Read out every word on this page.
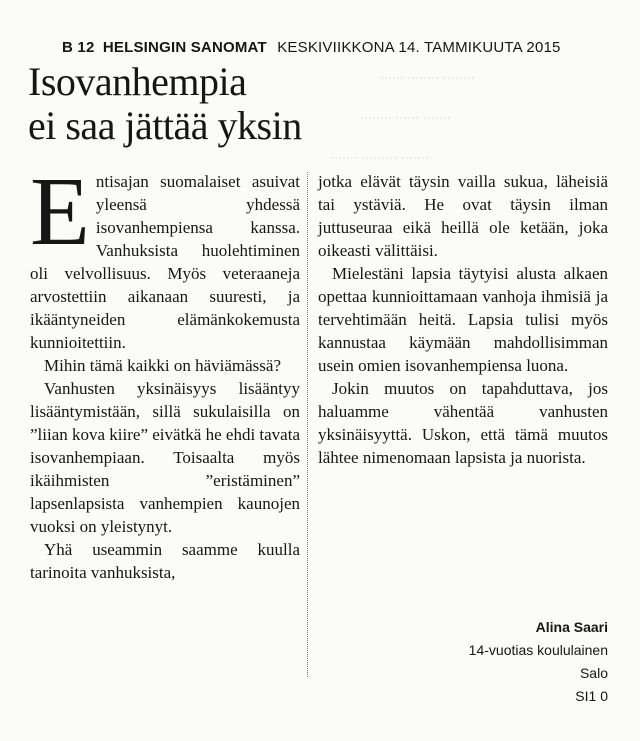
······ ········ ········
········ ······ ·······
······· ········· ·······
B 12 HELSINGIN SANOMAT KESKIVIIKKONA 14. TAMMIKUUTA 2015
Isovanhempia
ei saa jättää yksin

Entisajan suomalaiset asuivat yleensä yhdessä isovanhempiensa kanssa. Vanhuksista huolehtiminen oli velvollisuus. Myös veteraaneja arvostettiin aikanaan suuresti, ja ikääntyneiden elämänkokemusta kunnioitettiin.

Mihin tämä kaikki on häviämässä?

Vanhusten yksinäisyys lisääntyy lisääntymistään, sillä sukulaisilla on ”liian kova kiire” eivätkä he ehdi tavata isovanhempiaan. Toisaalta myös ikäihmisten ”eristäminen” lapsenlapsista vanhempien kaunojen vuoksi on yleistynyt.

Yhä useammin saamme kuulla tarinoita vanhuksista,

jotka elävät täysin vailla sukua, läheisiä tai ystäviä. He ovat täysin ilman juttuseuraa eikä heillä ole ketään, joka oikeasti välittäisi.

Mielestäni lapsia täytyisi alusta alkaen opettaa kunnioittamaan vanhoja ihmisiä ja tervehtimään heitä. Lapsia tulisi myös kannustaa käymään mahdollisimman usein omien isovanhempiensa luona.

Jokin muutos on tapahduttava, jos haluamme vähentää vanhusten yksinäisyyttä. Uskon, että tämä muutos lähtee nimenomaan lapsista ja nuorista.

Alina Saari
14-vuotias koululainen
Salo
SI1 0
